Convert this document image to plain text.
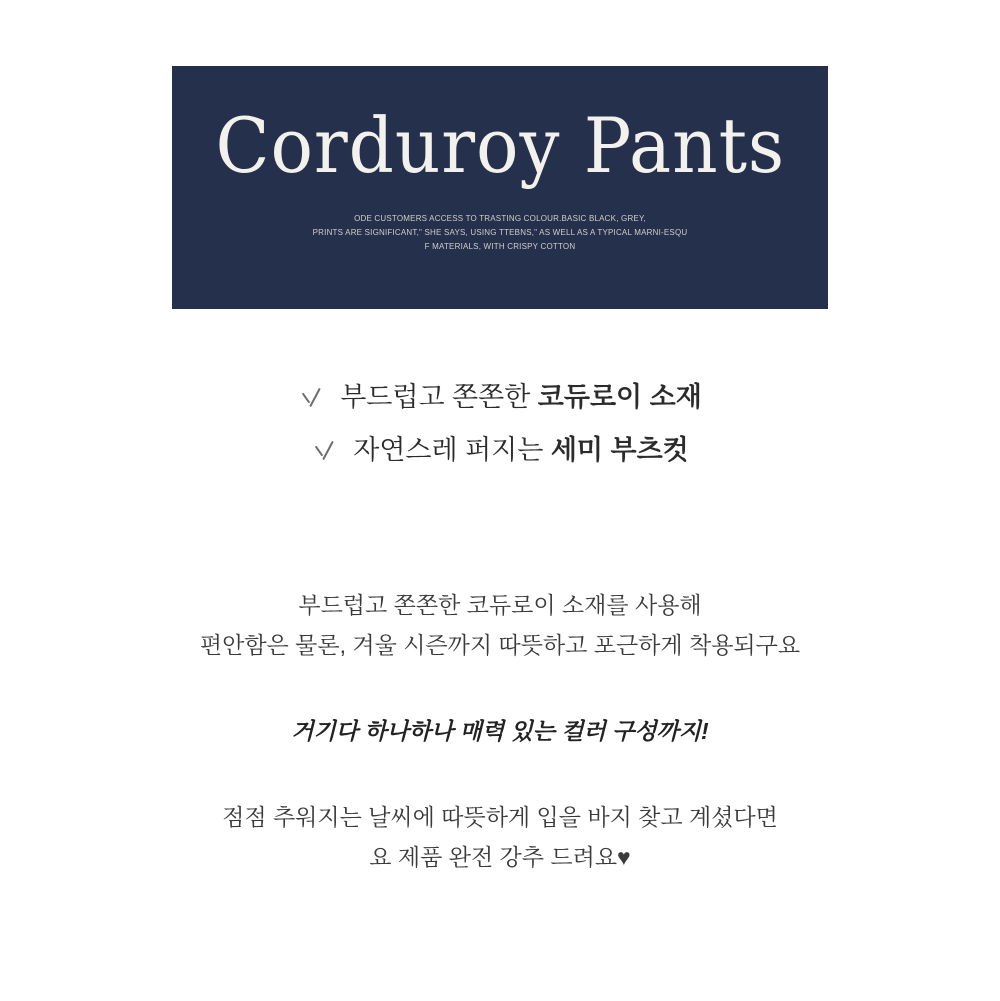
Corduroy Pants
ODE CUSTOMERS ACCESS TO TRASTING COLOUR.BASIC BLACK, GREY,
PRINTS ARE SIGNIFICANT," SHE SAYS, USING TTEBNS," AS WELL AS A TYPICAL MARNI-ESQU
F MATERIALS, WITH CRISPY COTTON
부드럽고 쫀쫀한 코듀로이 소재
자연스레 퍼지는 세미 부츠컷

부드럽고 쫀쫀한 코듀로이 소재를 사용해

편안함은 물론, 겨울 시즌까지 따뜻하고 포근하게 착용되구요

거기다 하나하나 매력 있는 컬러 구성까지!

점점 추워지는 날씨에 따뜻하게 입을 바지 찾고 계셨다면

요 제품 완전 강추 드려요♥
